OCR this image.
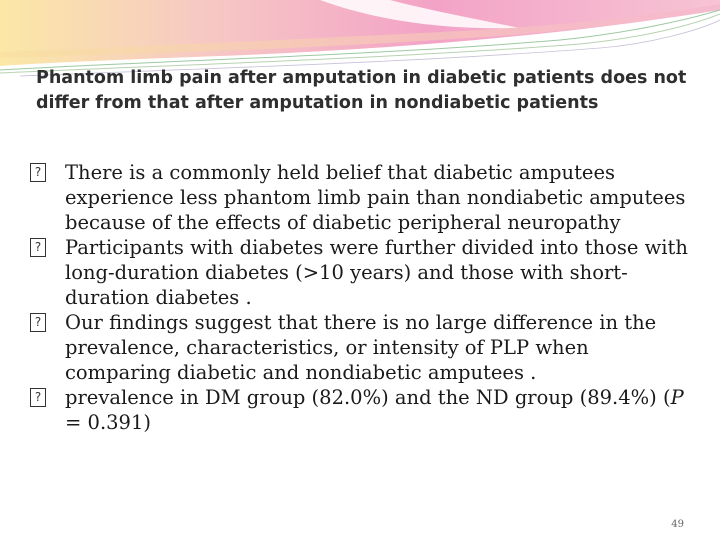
Phantom limb pain after amputation in diabetic patients does not differ from that after amputation in nondiabetic patients
?
There is a commonly held belief that diabetic amputees experience less phantom limb pain than nondiabetic amputees because of the effects of diabetic peripheral neuropathy
?
Participants with diabetes were further divided into those with long-duration diabetes (>10 years) and those with short-duration diabetes .
?
Our findings suggest that there is no large difference in the prevalence, characteristics, or intensity of PLP when comparing diabetic and nondiabetic amputees .
?
prevalence in DM group (82.0%) and the ND group (89.4%) (P = 0.391)
49
